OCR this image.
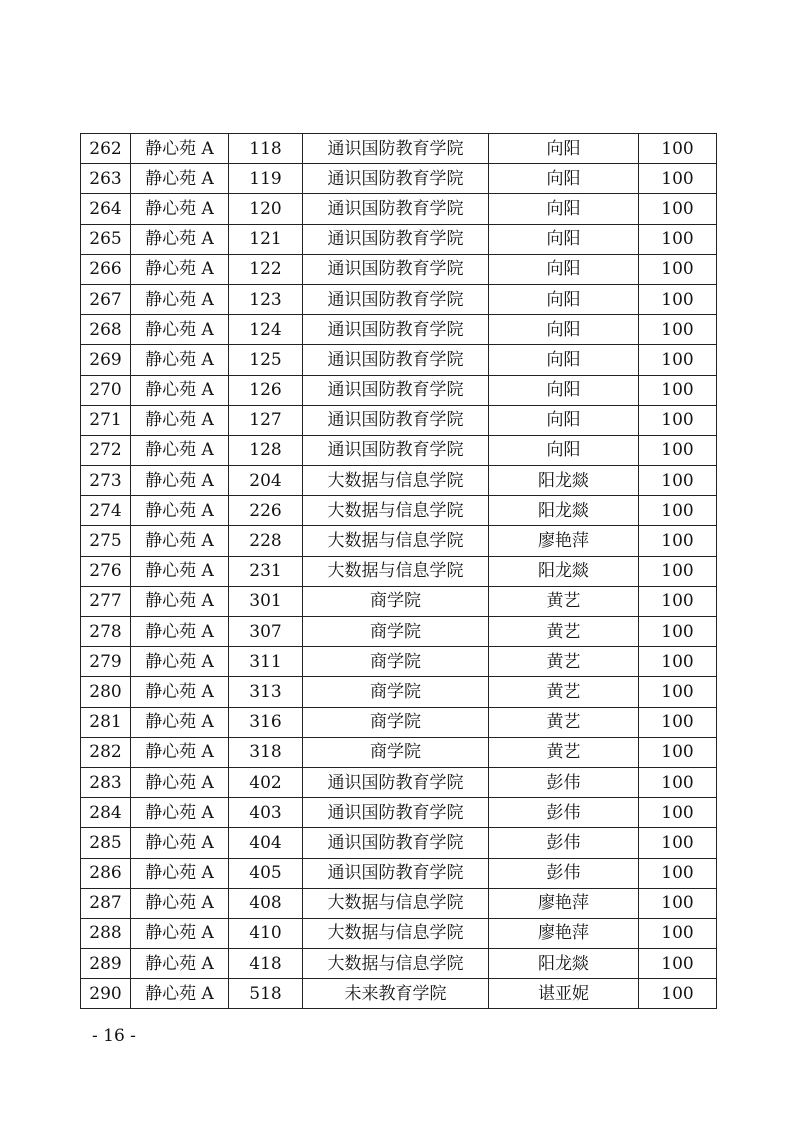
262	静心苑 A	118	通识国防教育学院	向阳	100
263	静心苑 A	119	通识国防教育学院	向阳	100
264	静心苑 A	120	通识国防教育学院	向阳	100
265	静心苑 A	121	通识国防教育学院	向阳	100
266	静心苑 A	122	通识国防教育学院	向阳	100
267	静心苑 A	123	通识国防教育学院	向阳	100
268	静心苑 A	124	通识国防教育学院	向阳	100
269	静心苑 A	125	通识国防教育学院	向阳	100
270	静心苑 A	126	通识国防教育学院	向阳	100
271	静心苑 A	127	通识国防教育学院	向阳	100
272	静心苑 A	128	通识国防教育学院	向阳	100
273	静心苑 A	204	大数据与信息学院	阳龙燚	100
274	静心苑 A	226	大数据与信息学院	阳龙燚	100
275	静心苑 A	228	大数据与信息学院	廖艳萍	100
276	静心苑 A	231	大数据与信息学院	阳龙燚	100
277	静心苑 A	301	商学院	黄艺	100
278	静心苑 A	307	商学院	黄艺	100
279	静心苑 A	311	商学院	黄艺	100
280	静心苑 A	313	商学院	黄艺	100
281	静心苑 A	316	商学院	黄艺	100
282	静心苑 A	318	商学院	黄艺	100
283	静心苑 A	402	通识国防教育学院	彭伟	100
284	静心苑 A	403	通识国防教育学院	彭伟	100
285	静心苑 A	404	通识国防教育学院	彭伟	100
286	静心苑 A	405	通识国防教育学院	彭伟	100
287	静心苑 A	408	大数据与信息学院	廖艳萍	100
288	静心苑 A	410	大数据与信息学院	廖艳萍	100
289	静心苑 A	418	大数据与信息学院	阳龙燚	100
290	静心苑 A	518	未来教育学院	谌亚妮	100
- 16 -
